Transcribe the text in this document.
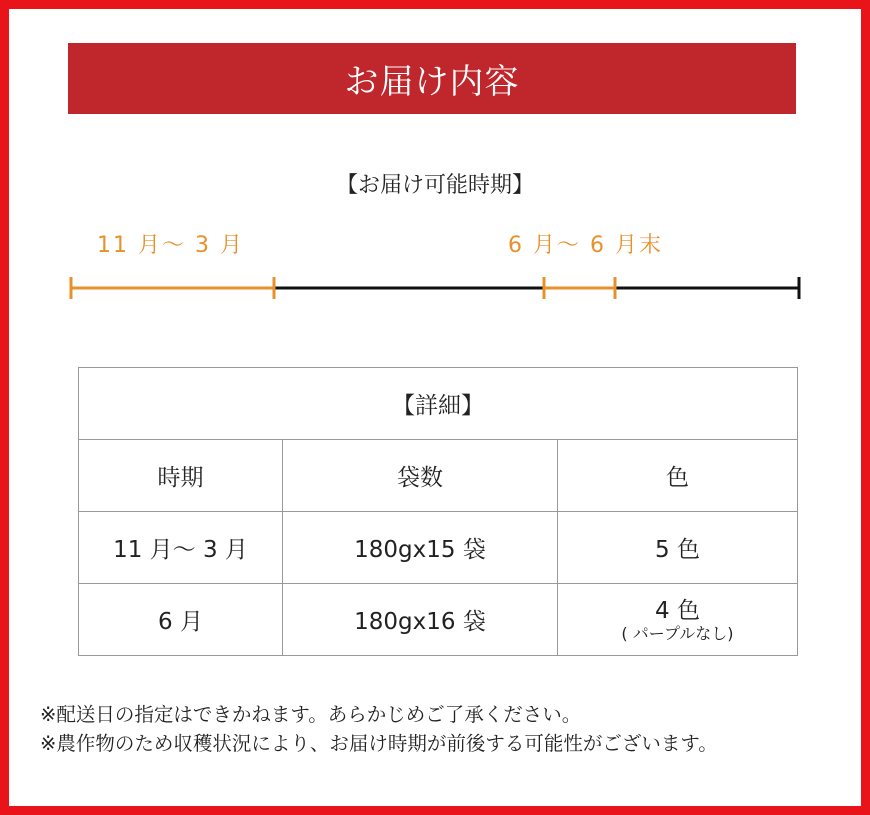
お届け内容
【お届け可能時期】
11 月～ 3 月	6 月～ 6 月末
【詳細】		
時期	袋数	色
11 月～ 3 月	180gx15 袋	5 色
6 月	180gx16 袋	4 色
( パープルなし)
※配送日の指定はできかねます。あらかじめご了承ください。
※農作物のため収穫状況により、お届け時期が前後する可能性がございます。
